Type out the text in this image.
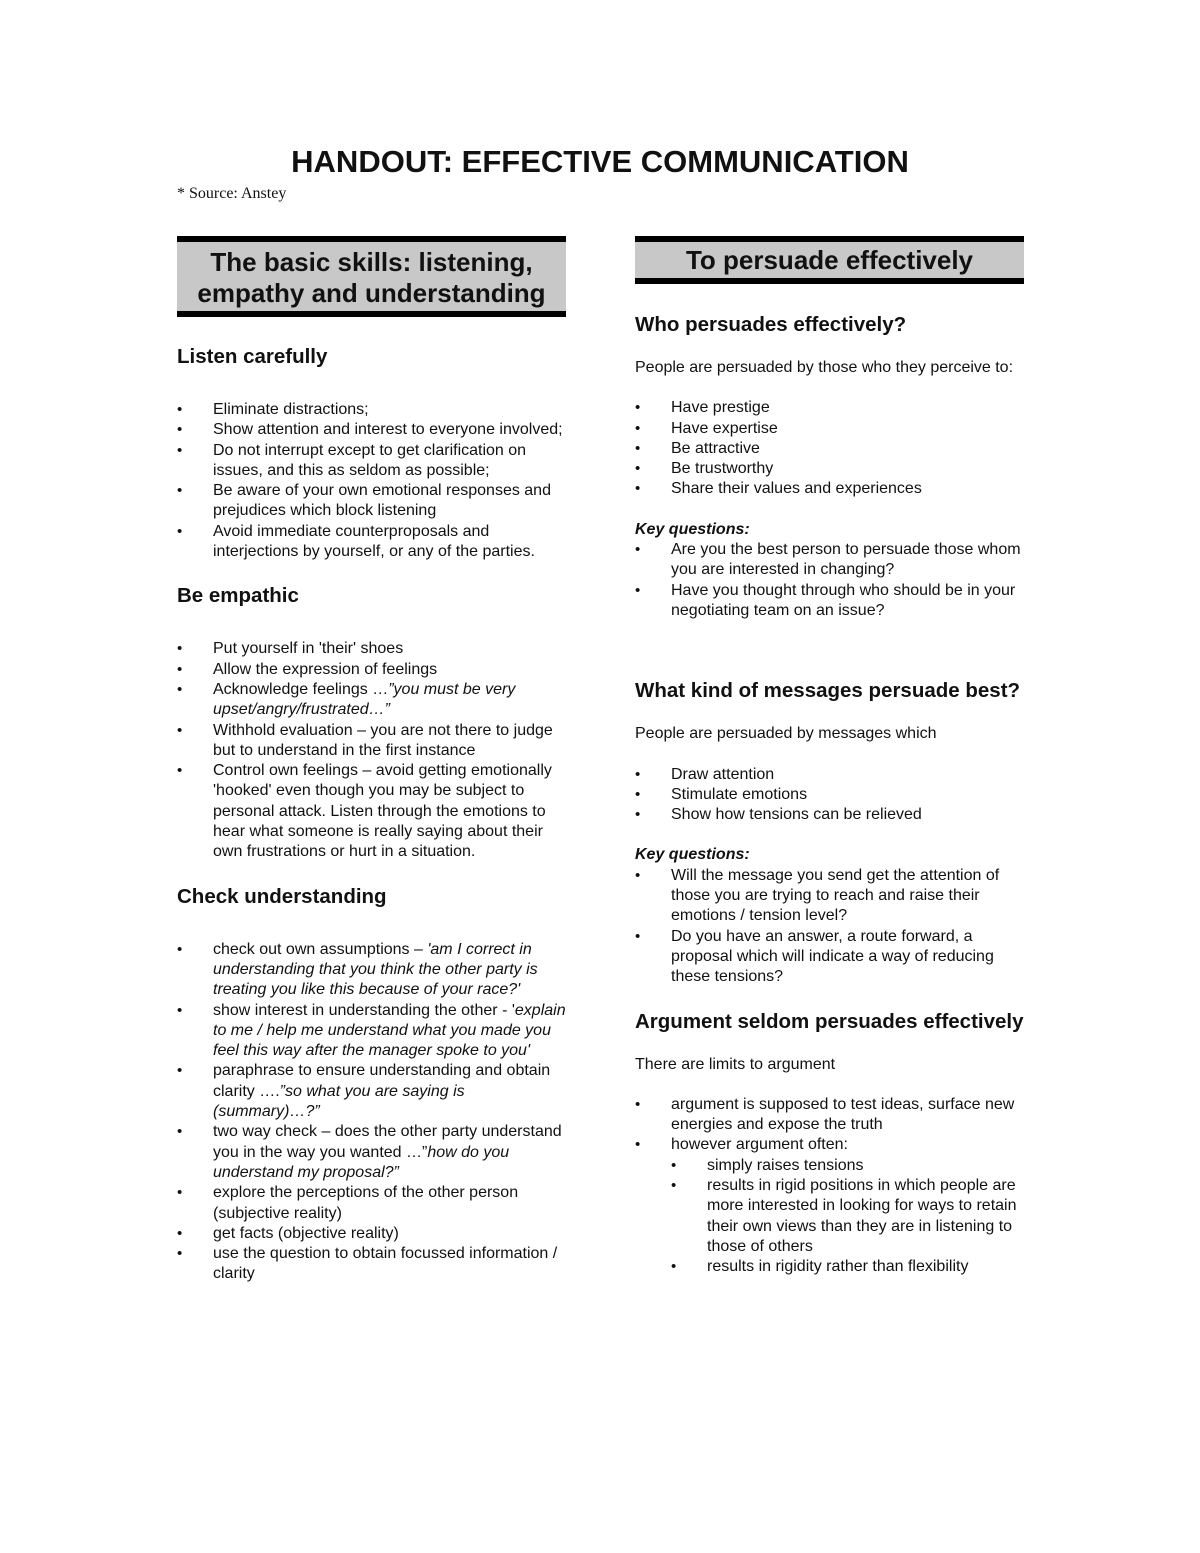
HANDOUT: EFFECTIVE COMMUNICATION
* Source: Anstey
The basic skills: listening, empathy and understanding
Listen carefully
• Eliminate distractions;
• Show attention and interest to everyone involved;
• Do not interrupt except to get clarification on issues, and this as seldom as possible;
• Be aware of your own emotional responses and prejudices which block listening
• Avoid immediate counterproposals and interjections by yourself, or any of the parties.
Be empathic
• Put yourself in 'their' shoes
• Allow the expression of feelings
• Acknowledge feelings …”you must be very upset/angry/frustrated…”
• Withhold evaluation – you are not there to judge but to understand in the first instance
• Control own feelings – avoid getting emotionally 'hooked' even though you may be subject to personal attack. Listen through the emotions to hear what someone is really saying about their own frustrations or hurt in a situation.
Check understanding
• check out own assumptions – 'am I correct in understanding that you think the other party is treating you like this because of your race?'
• show interest in understanding the other - 'explain to me / help me understand what you made you feel this way after the manager spoke to you'
• paraphrase to ensure understanding and obtain clarity ….”so what you are saying is (summary)…?”
• two way check – does the other party understand you in the way you wanted …”how do you understand my proposal?”
• explore the perceptions of the other person (subjective reality)
• get facts (objective reality)
• use the question to obtain focussed information / clarity
To persuade effectively
Who persuades effectively?

People are persuaded by those who they perceive to:

• Have prestige
• Have expertise
• Be attractive
• Be trustworthy
• Share their values and experiences

Key questions:

• Are you the best person to persuade those whom you are interested in changing?
• Have you thought through who should be in your negotiating team on an issue?
What kind of messages persuade best?

People are persuaded by messages which

• Draw attention
• Stimulate emotions
• Show how tensions can be relieved

Key questions:

• Will the message you send get the attention of those you are trying to reach and raise their emotions / tension level?
• Do you have an answer, a route forward, a proposal which will indicate a way of reducing these tensions?
Argument seldom persuades effectively

There are limits to argument

• argument is supposed to test ideas, surface new energies and expose the truth
• however argument often:
• simply raises tensions
• results in rigid positions in which people are more interested in looking for ways to retain their own views than they are in listening to those of others
• results in rigidity rather than flexibility
